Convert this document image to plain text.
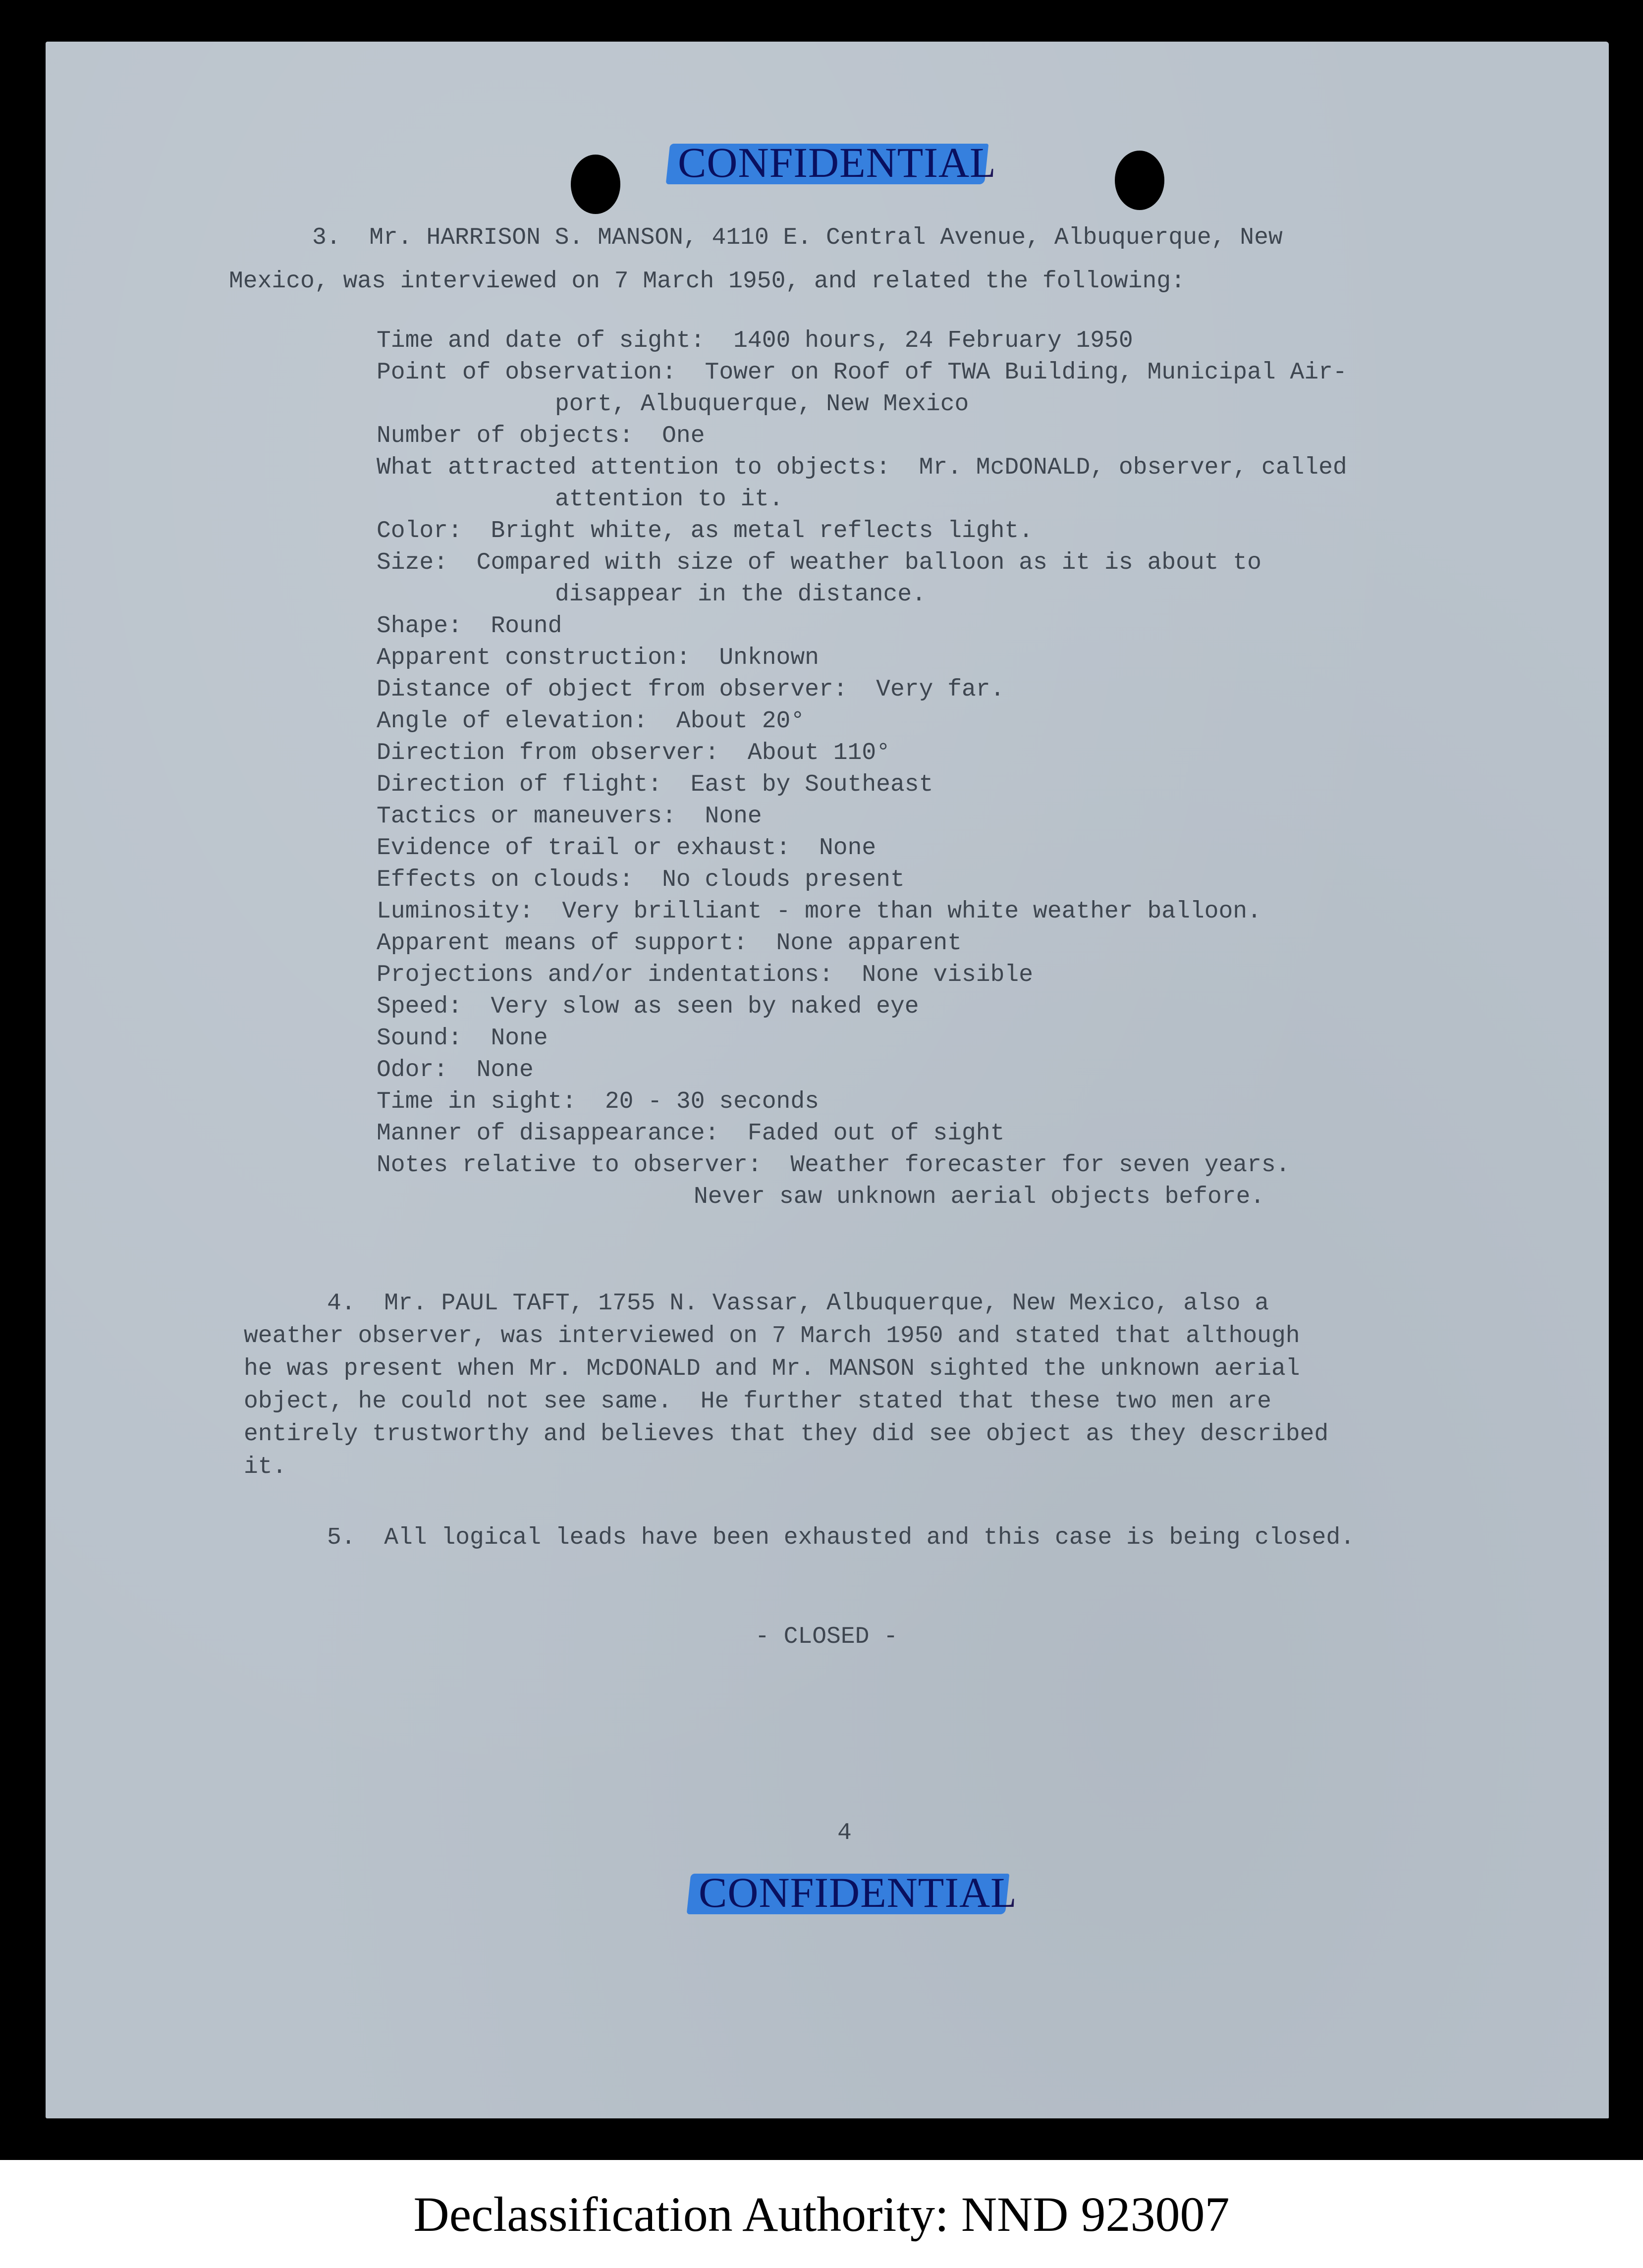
CONFIDENTIAL
3.  Mr. HARRISON S. MANSON, 4110 E. Central Avenue, Albuquerque, New
Mexico, was interviewed on 7 March 1950, and related the following:
Time and date of sight: 1400 hours, 24 February 1950
Point of observation: Tower on Roof of TWA Building, Municipal Air-
port, Albuquerque, New Mexico
Number of objects: One
What attracted attention to objects: Mr. McDONALD, observer, called
attention to it.
Color: Bright white, as metal reflects light.
Size: Compared with size of weather balloon as it is about to
disappear in the distance.
Shape: Round
Apparent construction: Unknown
Distance of object from observer: Very far.
Angle of elevation: About 20°
Direction from observer: About 110°
Direction of flight: East by Southeast
Tactics or maneuvers: None
Evidence of trail or exhaust: None
Effects on clouds: No clouds present
Luminosity: Very brilliant - more than white weather balloon.
Apparent means of support: None apparent
Projections and/or indentations: None visible
Speed: Very slow as seen by naked eye
Sound: None
Odor: None
Time in sight: 20 - 30 seconds
Manner of disappearance: Faded out of sight
Notes relative to observer: Weather forecaster for seven years.
Never saw unknown aerial objects before.
4.  Mr. PAUL TAFT, 1755 N. Vassar, Albuquerque, New Mexico, also a
weather observer, was interviewed on 7 March 1950 and stated that although
he was present when Mr. McDONALD and Mr. MANSON sighted the unknown aerial
object, he could not see same.  He further stated that these two men are
entirely trustworthy and believes that they did see object as they described
it.
5.  All logical leads have been exhausted and this case is being closed.
- CLOSED -
4
CONFIDENTIAL
Declassification Authority: NND 923007
